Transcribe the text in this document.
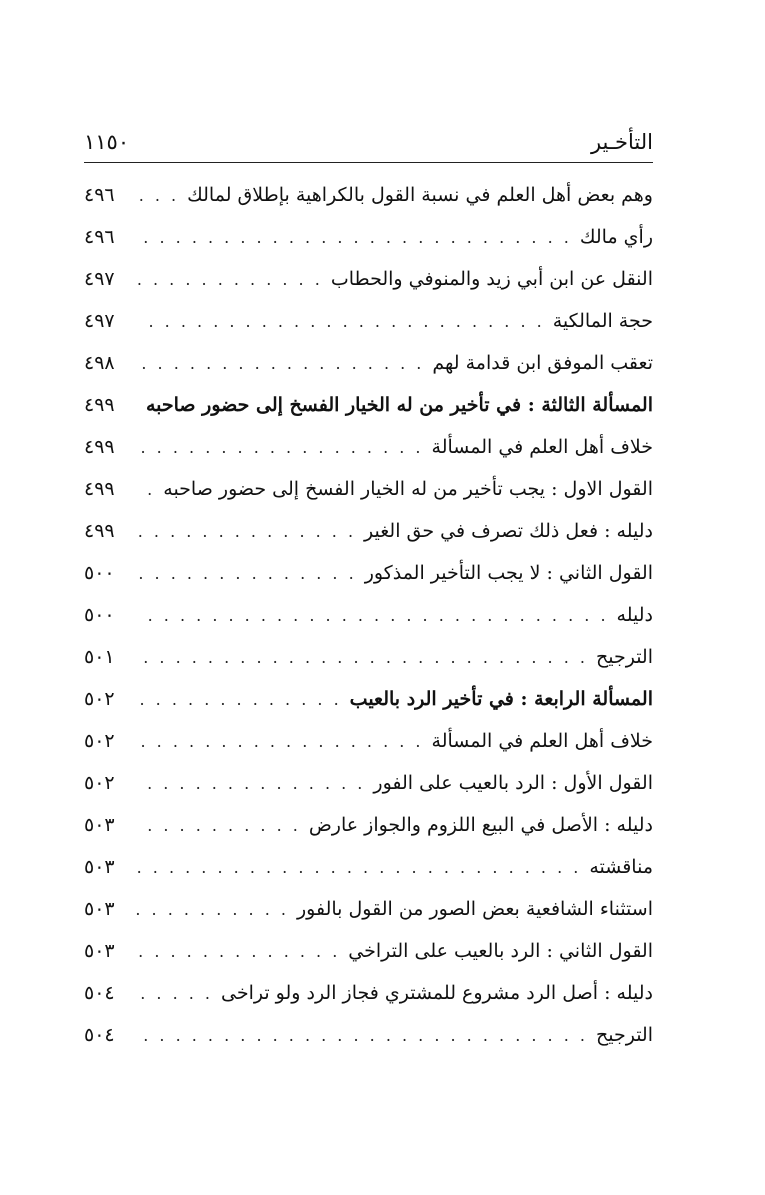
التأخـير
١١٥٠
وهم بعض أهل العلم في نسبة القول بالكراهية بإطلاق لمالك
. . .
٤٩٦
رأي مالك
. . .
٤٩٦
النقل عن ابن أبي زيد والمنوفي والحطاب
. . .
٤٩٧
حجة المالكية
. . .
٤٩٧
تعقب الموفق ابن قدامة لهم
. . .
٤٩٨
المسألة الثالثة : في تأخير من له الخيار الفسخ إلى حضور صاحبه
. . .
٤٩٩
خلاف أهل العلم في المسألة
. . .
٤٩٩
القول الاول : يجب تأخير من له الخيار الفسخ إلى حضور صاحبه
. . .
٤٩٩
دليله : فعل ذلك تصرف في حق الغير
. . .
٤٩٩
القول الثاني : لا يجب التأخير المذكور
. . .
٥٠٠
دليله
. . .
٥٠٠
الترجيح
. . .
٥٠١
المسألة الرابعة : في تأخير الرد بالعيب
. . .
٥٠٢
خلاف أهل العلم في المسألة
. . .
٥٠٢
القول الأول : الرد بالعيب على الفور
. . .
٥٠٢
دليله : الأصل في البيع اللزوم والجواز عارض
. . .
٥٠٣
مناقشته
. . .
٥٠٣
استثناء الشافعية بعض الصور من القول بالفور
. . .
٥٠٣
القول الثاني : الرد بالعيب على التراخي
. . .
٥٠٣
دليله : أصل الرد مشروع للمشتري فجاز الرد ولو تراخى
. . .
٥٠٤
الترجيح
. . .
٥٠٤
